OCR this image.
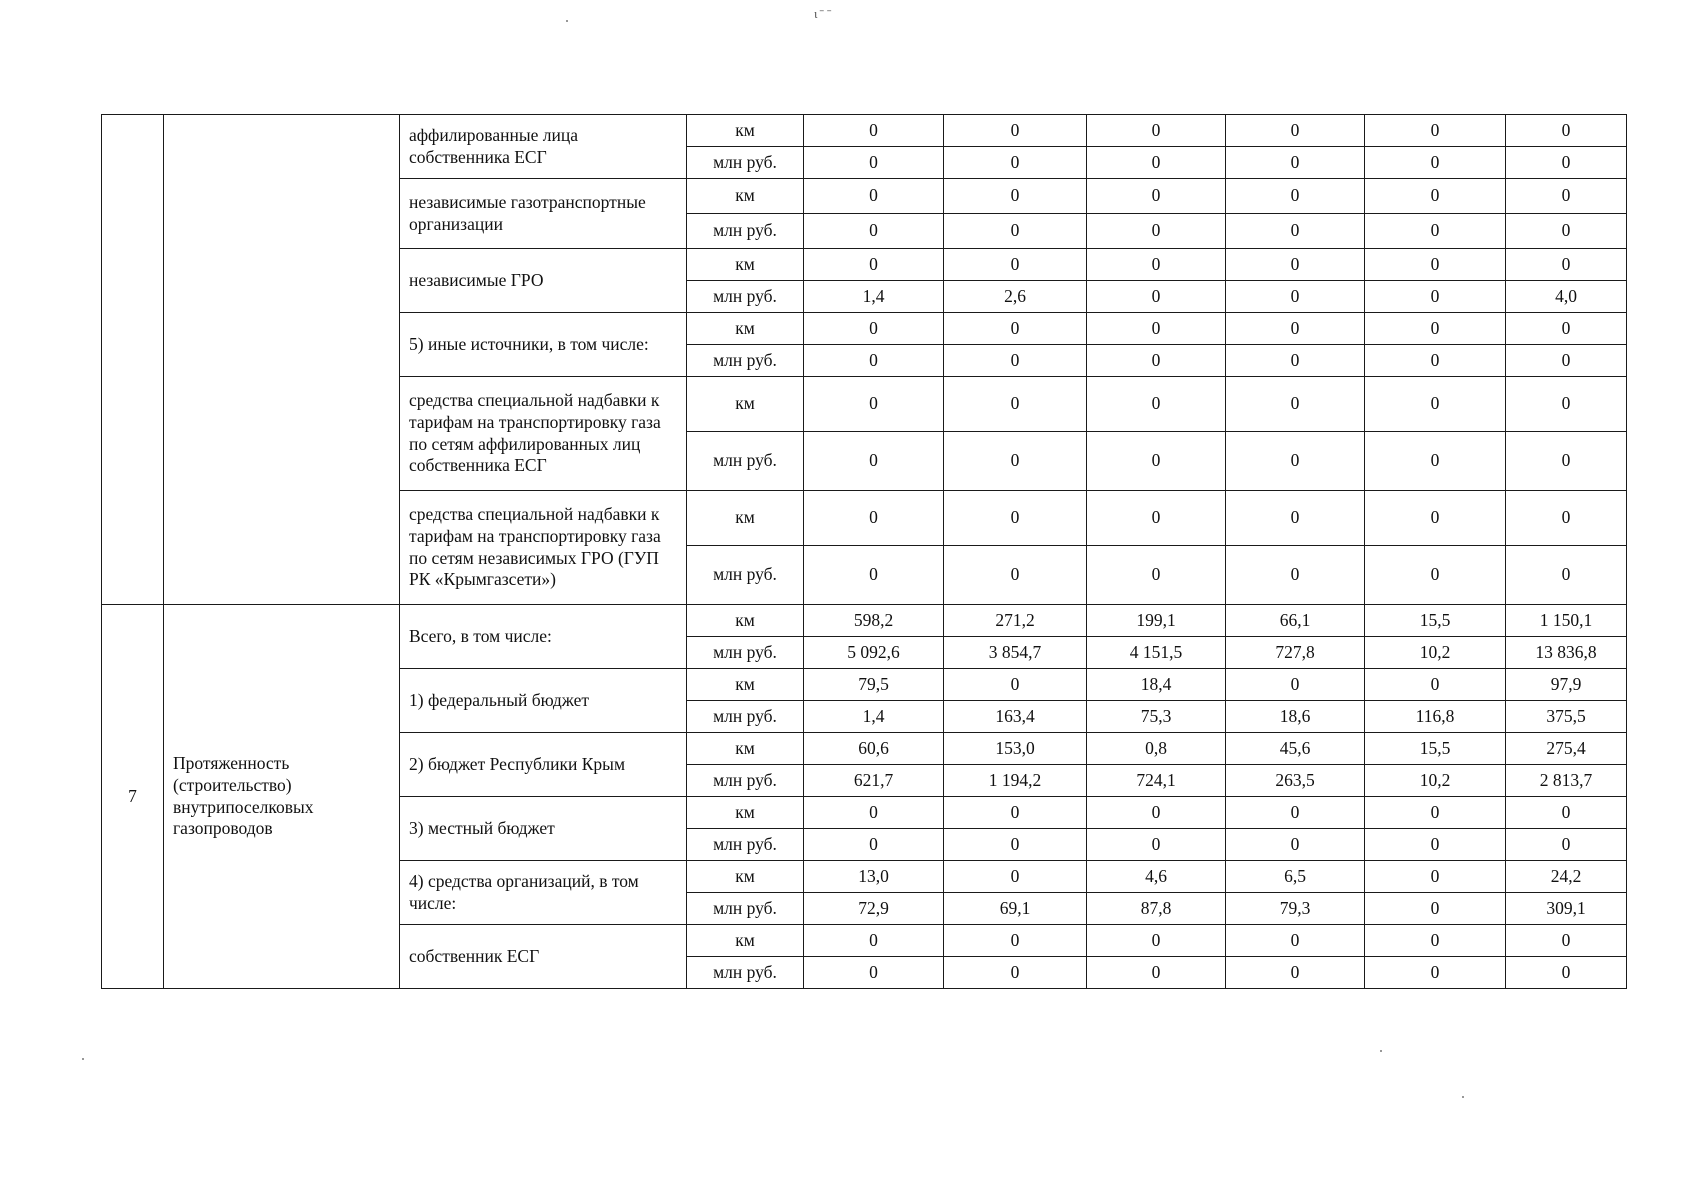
ι ̄ ˉ
		аффилированные лица собственника ЕСГ	км	0	0	0	0	0	0
			млн руб.	0	0	0	0	0	0
		независимые газотранспортные организации	км	0	0	0	0	0	0
			млн руб.	0	0	0	0	0	0
		независимые ГРО	км	0	0	0	0	0	0
			млн руб.	1,4	2,6	0	0	0	4,0
		5) иные источники, в том числе:	км	0	0	0	0	0	0
			млн руб.	0	0	0	0	0	0
		средства специальной надбавки к тарифам на транспортировку газа по сетям аффилированных лиц собственника ЕСГ	км	0	0	0	0	0	0
			млн руб.	0	0	0	0	0	0
		средства специальной надбавки к тарифам на транспортировку газа по сетям независимых ГРО (ГУП РК «Крымгазсети»)	км	0	0	0	0	0	0
			млн руб.	0	0	0	0	0	0
7	Протяженность (строительство) внутрипоселковых газопроводов	Всего, в том числе:	км	598,2	271,2	199,1	66,1	15,5	1 150,1
			млн руб.	5 092,6	3 854,7	4 151,5	727,8	10,2	13 836,8
		1) федеральный бюджет	км	79,5	0	18,4	0	0	97,9
			млн руб.	1,4	163,4	75,3	18,6	116,8	375,5
		2) бюджет Республики Крым	км	60,6	153,0	0,8	45,6	15,5	275,4
			млн руб.	621,7	1 194,2	724,1	263,5	10,2	2 813,7
		3) местный бюджет	км	0	0	0	0	0	0
			млн руб.	0	0	0	0	0	0
		4) средства организаций, в том числе:	км	13,0	0	4,6	6,5	0	24,2
			млн руб.	72,9	69,1	87,8	79,3	0	309,1
		собственник ЕСГ	км	0	0	0	0	0	0
			млн руб.	0	0	0	0	0	0
